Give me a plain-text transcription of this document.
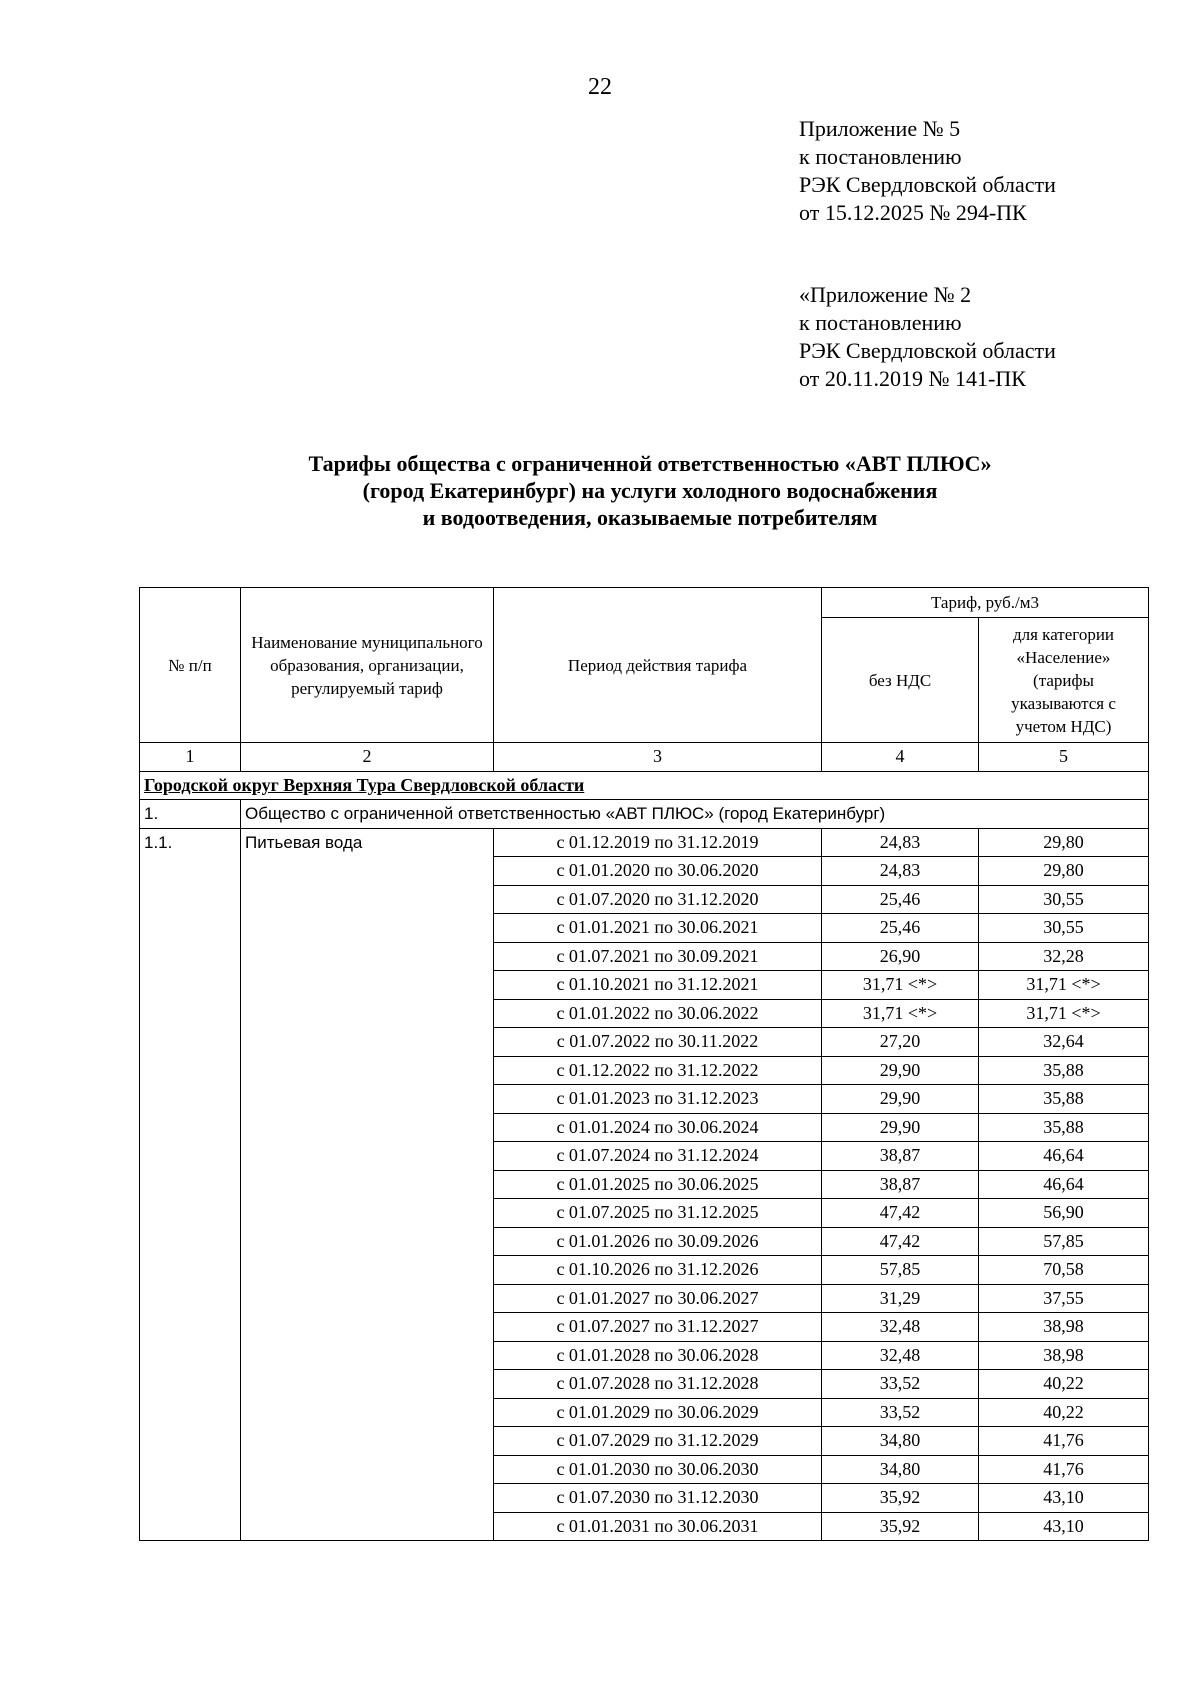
22
Приложение № 5
к постановлению
РЭК Свердловской области
от 15.12.2025 № 294-ПК
«Приложение № 2
к постановлению
РЭК Свердловской области
от 20.11.2019 № 141-ПК
Тарифы общества с ограниченной ответственностью «АВТ ПЛЮС»
(город Екатеринбург) на услуги холодного водоснабжения
и водоотведения, оказываемые потребителям
№ п/п	Наименование муниципального образования, организации, регулируемый тариф	Период действия тарифа	Тариф, руб./м3	
			без НДС	для категории «Население» (тарифы указываются с учетом НДС)
1	2	3	4	5
Городской округ Верхняя Тура Свердловской области				
1.	Общество с ограниченной ответственностью «АВТ ПЛЮС» (город Екатеринбург)			
1.1.	Питьевая вода	с 01.12.2019 по 31.12.2019	24,83	29,80
		с 01.01.2020 по 30.06.2020	24,83	29,80
		с 01.07.2020 по 31.12.2020	25,46	30,55
		с 01.01.2021 по 30.06.2021	25,46	30,55
		с 01.07.2021 по 30.09.2021	26,90	32,28
		с 01.10.2021 по 31.12.2021	31,71 <*>	31,71 <*>
		с 01.01.2022 по 30.06.2022	31,71 <*>	31,71 <*>
		с 01.07.2022 по 30.11.2022	27,20	32,64
		с 01.12.2022 по 31.12.2022	29,90	35,88
		с 01.01.2023 по 31.12.2023	29,90	35,88
		с 01.01.2024 по 30.06.2024	29,90	35,88
		с 01.07.2024 по 31.12.2024	38,87	46,64
		с 01.01.2025 по 30.06.2025	38,87	46,64
		с 01.07.2025 по 31.12.2025	47,42	56,90
		с 01.01.2026 по 30.09.2026	47,42	57,85
		с 01.10.2026 по 31.12.2026	57,85	70,58
		с 01.01.2027 по 30.06.2027	31,29	37,55
		с 01.07.2027 по 31.12.2027	32,48	38,98
		с 01.01.2028 по 30.06.2028	32,48	38,98
		с 01.07.2028 по 31.12.2028	33,52	40,22
		с 01.01.2029 по 30.06.2029	33,52	40,22
		с 01.07.2029 по 31.12.2029	34,80	41,76
		с 01.01.2030 по 30.06.2030	34,80	41,76
		с 01.07.2030 по 31.12.2030	35,92	43,10
		с 01.01.2031 по 30.06.2031	35,92	43,10
